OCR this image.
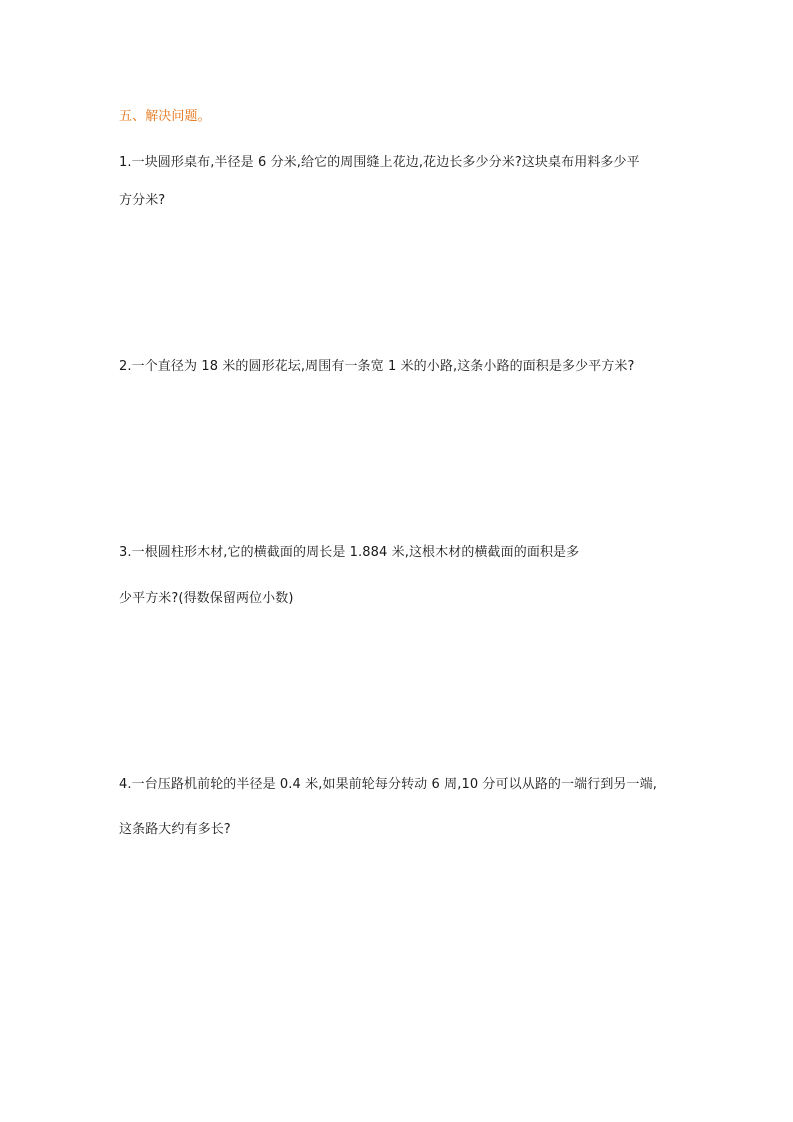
五、解决问题。
1.一块圆形桌布,半径是 6 分米,给它的周围缝上花边,花边长多少分米?这块桌布用料多少平
方分米?
2.一个直径为 18 米的圆形花坛,周围有一条宽 1 米的小路,这条小路的面积是多少平方米?
3.一根圆柱形木材,它的横截面的周长是 1.884 米,这根木材的横截面的面积是多
少平方米?(得数保留两位小数)
4.一台压路机前轮的半径是 0.4 米,如果前轮每分转动 6 周,10 分可以从路的一端行到另一端,
这条路大约有多长?
